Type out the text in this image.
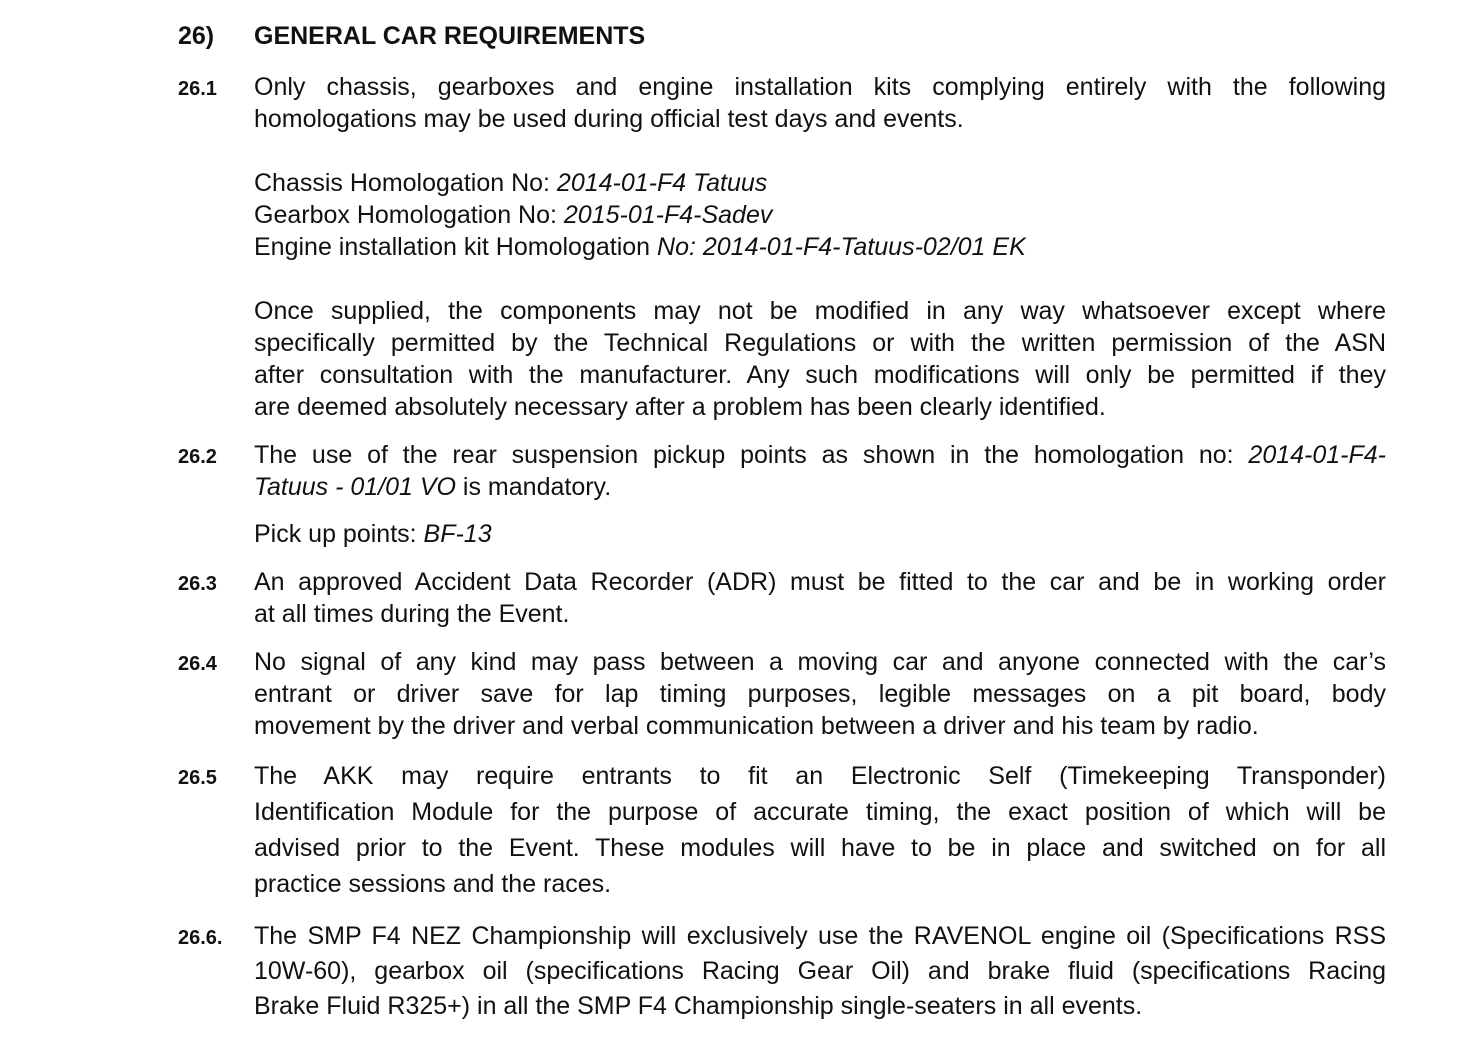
26) GENERAL CAR REQUIREMENTS
26.1 Only chassis, gearboxes and engine installation kits complying entirely with the following
homologations may be used during official test days and events.
Chassis Homologation No: 2014-01-F4 Tatuus
Gearbox Homologation No: 2015-01-F4-Sadev
Engine installation kit Homologation No: 2014-01-F4-Tatuus-02/01 EK
Once supplied, the components may not be modified in any way whatsoever except where
specifically permitted by the Technical Regulations or with the written permission of the ASN
after consultation with the manufacturer. Any such modifications will only be permitted if they
are deemed absolutely necessary after a problem has been clearly identified.
26.2 The use of the rear suspension pickup points as shown in the homologation no: 2014-01-F4-
Tatuus - 01/01 VO is mandatory.
Pick up points: BF-13
26.3 An approved Accident Data Recorder (ADR) must be fitted to the car and be in working order
at all times during the Event.
26.4 No signal of any kind may pass between a moving car and anyone connected with the car’s
entrant or driver save for lap timing purposes, legible messages on a pit board, body
movement by the driver and verbal communication between a driver and his team by radio.
26.5 The AKK may require entrants to fit an Electronic Self (Timekeeping Transponder)
Identification Module for the purpose of accurate timing, the exact position of which will be
advised prior to the Event. These modules will have to be in place and switched on for all
practice sessions and the races.
26.6. The SMP F4 NEZ Championship will exclusively use the RAVENOL engine oil (Specifications RSS
10W-60), gearbox oil (specifications Racing Gear Oil) and brake fluid (specifications Racing
Brake Fluid R325+) in all the SMP F4 Championship single-seaters in all events.
